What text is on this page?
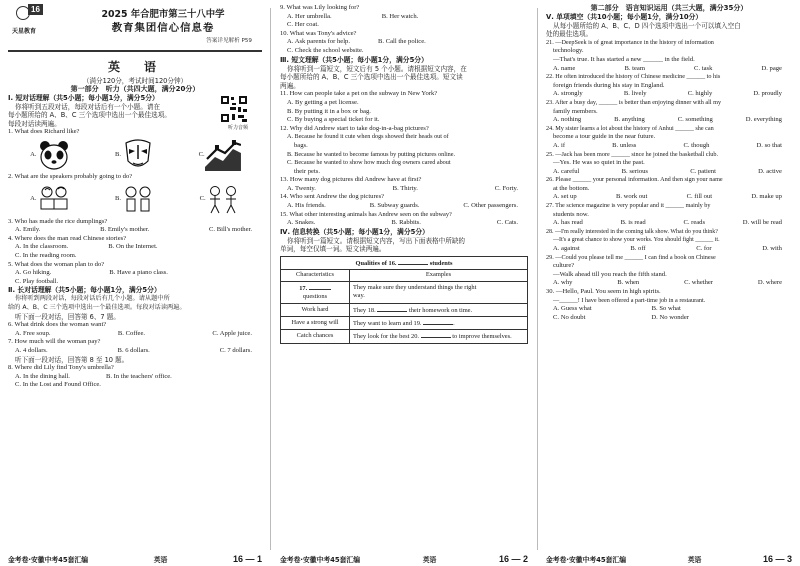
16
天星教育
2025 年合肥市第三十八中学
教育集团信心信息卷
答案详见解析 P59
英　语
（满分120分，考试时间120分钟）
第一部分　听力（共四大题，满分20分）
Ⅰ. 短对话理解（共5小题；每小题1分，满分5分）
你将听到五段对话，每段对话后有一个小题。请在
每小题所给的 A、B、C 三个选项中选出一个最佳选项。
每段对话读两遍。	听力音频
1. What does Richard like?
A.	B.	C.
2. What are the speakers probably going to do?
A.	B.	C.
3. Who has made the rice dumplings?
A. Emily.	B. Emily's mother.	C. Bill's mother.
4. Where does the man read Chinese stories?
A. In the classroom.	B. On the Internet.
C. In the reading room.
5. What does the woman plan to do?
A. Go hiking.	B. Have a piano class.
C. Play football.
Ⅱ. 长对话理解（共5小题；每小题1分，满分5分）
你将听到两段对话，每段对话后有几个小题。请从题中所
给的 A、B、C 三个选项中选出一个最佳选项。每段对话读两遍。
听下面一段对话，回答第 6、7 题。
6. What drink does the woman want?
A. Free soup.	B. Coffee.	C. Apple juice.
7. How much will the woman pay?
A. 4 dollars.	B. 6 dollars.	C. 7 dollars.
听下面一段对话，回答第 8 至 10 题。
8. Where did Lily find Tony's umbrella?
A. In the dining hall.	B. In the teachers' office.
C. In the Lost and Found Office.
金考卷·安徽中考45套汇编	英语	16 — 1
9. What was Lily looking for?
A. Her umbrella.	B. Her watch.
C. Her coat.
10. What was Tony's advice?
A. Ask parents for help.	B. Call the police.
C. Check the school website.
Ⅲ. 短文理解（共5小题；每小题1分，满分5分）
你将听到一篇短文，短文后有 5 个小题。请根据短文内容，在
每小题所给的 A、B、C 三个选项中选出一个最佳选项。短文读
两遍。
11. How can people take a pet on the subway in New York?
A. By getting a pet license.
B. By putting it in a box or bag.
C. By buying a special ticket for it.
12. Why did Andrew start to take dog-in-a-bag pictures?
A. Because he found it cute when dogs showed their heads out of
bags.
B. Because he wanted to become famous by putting pictures online.
C. Because he wanted to show how much dog owners cared about
their pets.
13. How many dog pictures did Andrew have at first?
A. Twenty.	B. Thirty.	C. Forty.
14. Who sent Andrew the dog pictures?
A. His friends.	B. Subway guards.	C. Other passengers.
15. What other interesting animals has Andrew seen on the subway?
A. Snakes.	B. Rabbits.	C. Cats.
Ⅳ. 信息转换（共5小题；每小题1分，满分5分）
你将听到一篇短文。请根据短文内容，写出下面表格中所缺的
单词，每空仅填一词。短文读两遍。
Qualities of 16. students	
Characteristics	Examples
17.
questions	They make sure they understand things the right
way.
Work hard	They 18. their homework on time.
Have a strong will	They want to learn and 19. .
Catch chances	They look for the best 20. to improve themselves.
金考卷·安徽中考45套汇编	英语	16 — 2
第二部分　语言知识运用（共三大题，满分35分）
Ⅴ. 单项填空（共10小题；每小题1分，满分10分）
从每小题所给的 A、B、C、D 四个选项中选出一个可以填入空白
处的最佳选项。
21. —DeepSeek is of great importance in the history of information
technology.
—That's true. It has started a new ______ in the field.
A. name	B. team	C. task	D. page
22. He often introduced the history of Chinese medicine ______ to his
foreign friends during his stay in England.
A. strongly	B. lively	C. highly	D. proudly
23. After a busy day, ______ is better than enjoying dinner with all my
family members.
A. nothing	B. anything	C. something	D. everything
24. My sister learns a lot about the history of Anhui ______ she can
become a tour guide in the near future.
A. if	B. unless	C. though	D. so that
25. —Jack has been more ______ since he joined the basketball club.
—Yes. He was so quiet in the past.
A. careful	B. serious	C. patient	D. active
26. Please ______ your personal information. And then sign your name
at the bottom.
A. set up	B. work out	C. fill out	D. make up
27. The science magazine is very popular and it ______ mainly by
students now.
A. has read	B. is read	C. reads	D. will be read
28. —I'm really interested in the coming talk show. What do you think?
—It's a great chance to show your works. You should fight ______ it.
A. against	B. off	C. for	D. with
29. —Could you please tell me ______ I can find a book on Chinese
culture?
—Walk ahead till you reach the fifth stand.
A. why	B. when	C. whether	D. where
30. —Hello, Paul. You seem in high spirits.
—______! I have been offered a part-time job in a restaurant.
A. Guess what	B. So what
C. No doubt	D. No wonder
金考卷·安徽中考45套汇编	英语	16 — 3
